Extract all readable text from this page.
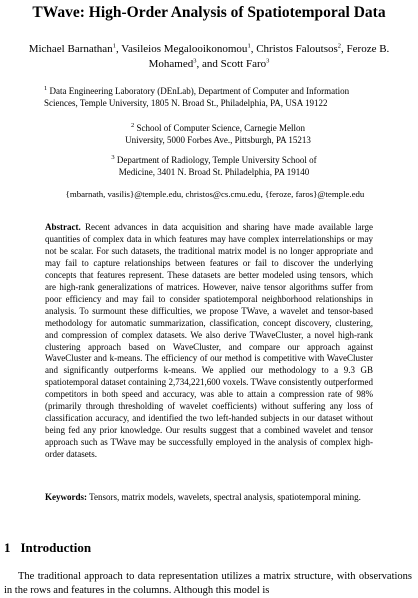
TWave: High-Order Analysis of Spatiotemporal Data
Michael Barnathan$^1$, Vasileios Megalooikonomou$^1$, Christos Faloutsos$^2$, Feroze B. Mohamed$^3$, and Scott Faro$^3$

$^1$ Data Engineering Laboratory (DEnLab), Department of Computer and Information Sciences, Temple University, 1805 N. Broad St., Philadelphia, PA, USA 19122

$^2$ School of Computer Science, Carnegie Mellon University, 5000 Forbes Ave., Pittsburgh, PA 15213

$^3$ Department of Radiology, Temple University School of Medicine, 3401 N. Broad St. Philadelphia, PA 19140

{mbarnath, vasilis}@temple.edu, christos@cs.cmu.edu, {feroze, faros}@temple.edu

Abstract. Recent advances in data acquisition and sharing have made available large quantities of complex data in which features may have complex interrelationships or may not be scalar. For such datasets, the traditional matrix model is no longer appropriate and may fail to capture relationships between features or fail to discover the underlying concepts that features represent. These datasets are better modeled using tensors, which are high-rank generalizations of matrices. However, naive tensor algorithms suffer from poor efficiency and may fail to consider spatiotemporal neighborhood relationships in analysis. To surmount these difficulties, we propose TWave, a wavelet and tensor-based methodology for automatic summarization, classification, concept discovery, clustering, and compression of complex datasets. We also derive TWaveCluster, a novel high-rank clustering approach based on WaveCluster, and compare our approach against WaveCluster and k-means. The efficiency of our method is competitive with WaveCluster and significantly outperforms k-means. We applied our methodology to a 9.3 GB spatiotemporal dataset containing 2,734,221,600 voxels. TWave consistently outperformed competitors in both speed and accuracy, was able to attain a compression rate of 98% (primarily through thresholding of wavelet coefficients) without suffering any loss of classification accuracy, and identified the two left-handed subjects in our dataset without being fed any prior knowledge. Our results suggest that a combined wavelet and tensor approach such as TWave may be successfully employed in the analysis of complex high-order datasets.

Keywords: Tensors, matrix models, wavelets, spectral analysis, spatiotemporal mining.

1 Introduction

The traditional approach to data representation utilizes a matrix structure, with observations in the rows and features in the columns. Although this model is
